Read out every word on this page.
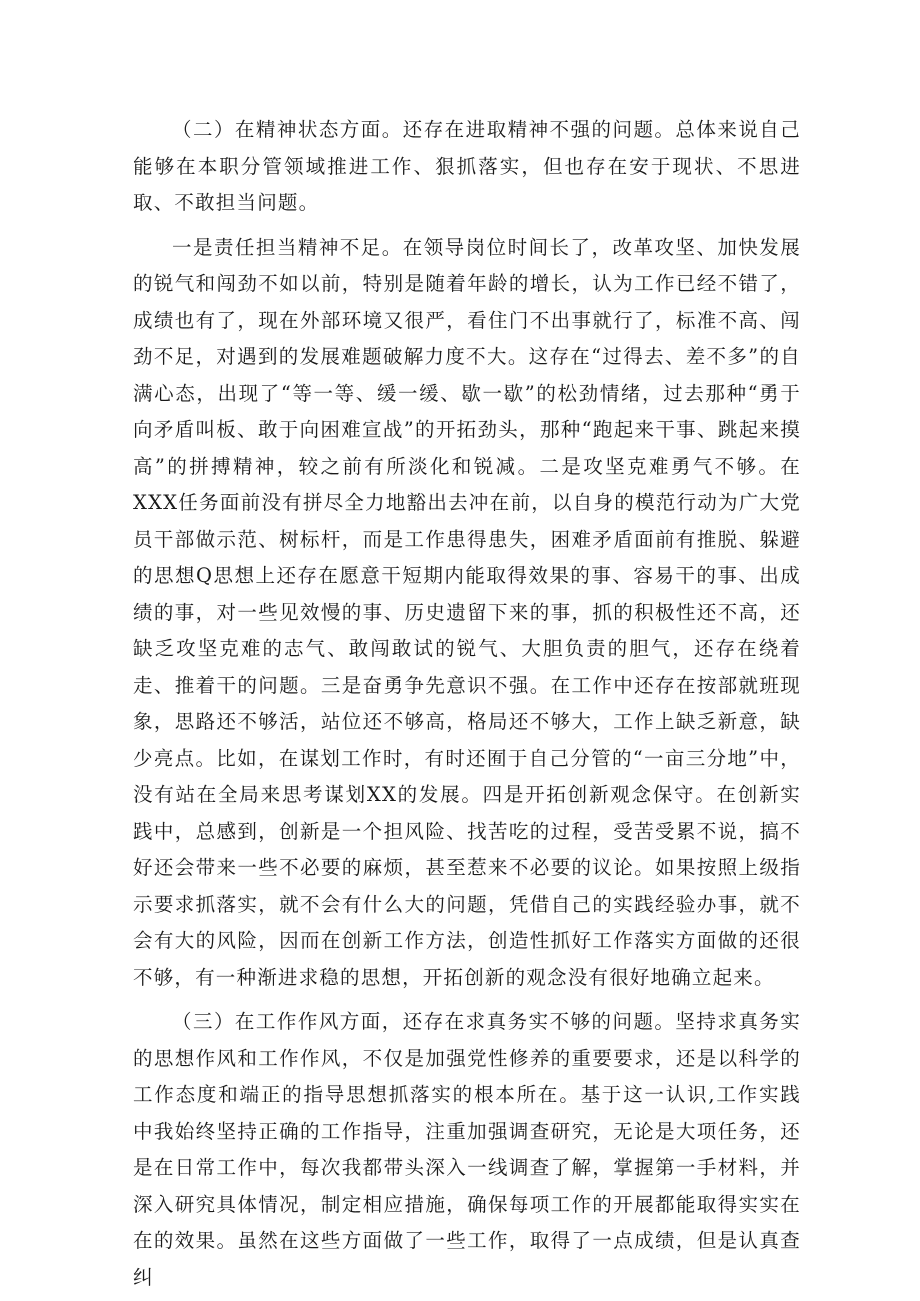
（二）在精神状态方面。还存在进取精神不强的问题。总体来说自己能够在本职分管领域推进工作、狠抓落实，但也存在安于现状、不思进取、不敢担当问题。

一是责任担当精神不足。在领导岗位时间长了，改革攻坚、加快发展的锐气和闯劲不如以前，特别是随着年龄的增长，认为工作已经不错了，成绩也有了，现在外部环境又很严，看住门不出事就行了，标准不高、闯劲不足，对遇到的发展难题破解力度不大。这存在“过得去、差不多”的自满心态，出现了“等一等、缓一缓、歇一歇”的松劲情绪，过去那种“勇于向矛盾叫板、敢于向困难宣战”的开拓劲头，那种“跑起来干事、跳起来摸高”的拼搏精神，较之前有所淡化和锐减。二是攻坚克难勇气不够。在XXX任务面前没有拼尽全力地豁出去冲在前，以自身的模范行动为广大党员干部做示范、树标杆，而是工作患得患失，困难矛盾面前有推脱、躲避的思想Q思想上还存在愿意干短期内能取得效果的事、容易干的事、出成绩的事，对一些见效慢的事、历史遗留下来的事，抓的积极性还不高，还缺乏攻坚克难的志气、敢闯敢试的锐气、大胆负责的胆气，还存在绕着走、推着干的问题。三是奋勇争先意识不强。在工作中还存在按部就班现象，思路还不够活，站位还不够高，格局还不够大，工作上缺乏新意，缺少亮点。比如，在谋划工作时，有时还囿于自己分管的“一亩三分地”中，没有站在全局来思考谋划XX的发展。四是开拓创新观念保守。在创新实践中，总感到，创新是一个担风险、找苦吃的过程，受苦受累不说，搞不好还会带来一些不必要的麻烦，甚至惹来不必要的议论。如果按照上级指示要求抓落实，就不会有什么大的问题，凭借自己的实践经验办事，就不会有大的风险，因而在创新工作方法，创造性抓好工作落实方面做的还很不够，有一种渐进求稳的思想，开拓创新的观念没有很好地确立起来。

（三）在工作作风方面，还存在求真务实不够的问题。坚持求真务实的思想作风和工作作风，不仅是加强党性修养的重要要求，还是以科学的工作态度和端正的指导思想抓落实的根本所在。基于这一认识,工作实践中我始终坚持正确的工作指导，注重加强调查研究，无论是大项任务，还是在日常工作中，每次我都带头深入一线调查了解，掌握第一手材料，并深入研究具体情况，制定相应措施，确保每项工作的开展都能取得实实在在的效果。虽然在这些方面做了一些工作，取得了一点成绩，但是认真查纠
